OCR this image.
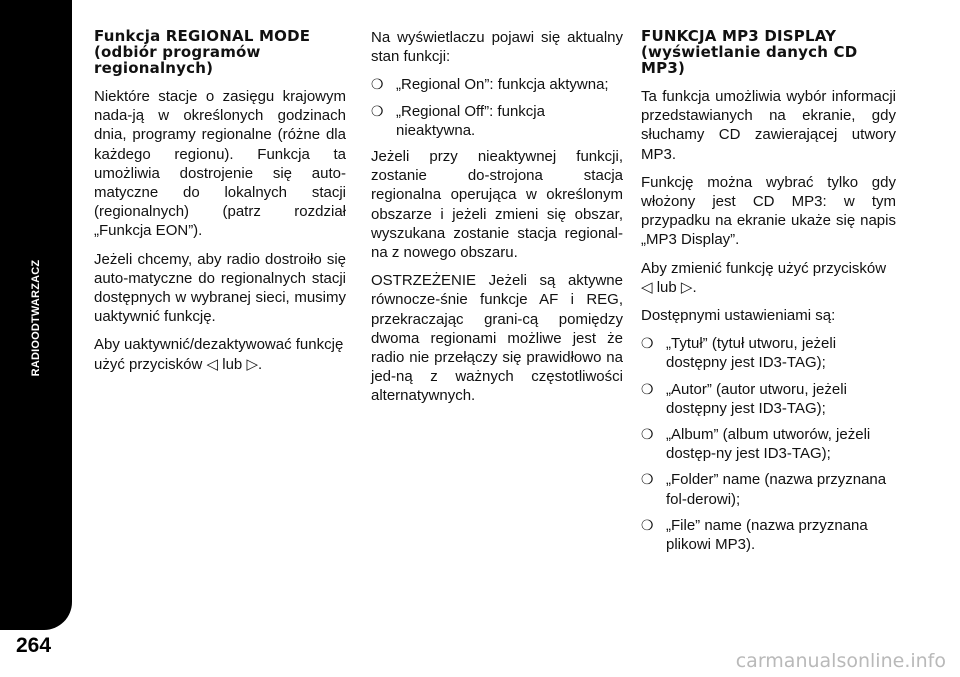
RADIOODTWARZACZ
264
Funkcja REGIONAL MODE (odbiór programów regionalnych)

Niektóre stacje o zasięgu krajowym nada-ją w określonych godzinach dnia, programy regionalne (różne dla każdego regionu). Funkcja ta umożliwia dostrojenie się auto-matyczne do lokalnych stacji (regionalnych) (patrz rozdział „Funkcja EON”).

Jeżeli chcemy, aby radio dostroiło się auto-matyczne do regionalnych stacji dostępnych w wybranej sieci, musimy uaktywnić funkcję.

Aby uaktywnić/dezaktywować funkcję użyć przycisków ◁ lub ▷.

Na wyświetlaczu pojawi się aktualny stan funkcji:

❍ „Regional On”: funkcja aktywna;
❍ „Regional Off”: funkcja nieaktywna.

Jeżeli przy nieaktywnej funkcji, zostanie do-strojona stacja regionalna operująca w określonym obszarze i jeżeli zmieni się obszar, wyszukana zostanie stacja regional-na z nowego obszaru.

OSTRZEŻENIE Jeżeli są aktywne równocze-śnie funkcje AF i REG, przekraczając grani-cą pomiędzy dwoma regionami możliwe jest że radio nie przełączy się prawidłowo na jed-ną z ważnych częstotliwości alternatywnych.

FUNKCJA MP3 DISPLAY (wyświetlanie danych CD MP3)

Ta funkcja umożliwia wybór informacji przedstawianych na ekranie, gdy słuchamy CD zawierającej utwory MP3.

Funkcję można wybrać tylko gdy włożony jest CD MP3: w tym przypadku na ekranie ukaże się napis „MP3 Display”.

Aby zmienić funkcję użyć przycisków ◁ lub ▷.

Dostępnymi ustawieniami są:

❍ „Tytuł” (tytuł utworu, jeżeli dostępny jest ID3-TAG);
❍ „Autor” (autor utworu, jeżeli dostępny jest ID3-TAG);
❍ „Album” (album utworów, jeżeli dostęp-ny jest ID3-TAG);
❍ „Folder” name (nazwa przyznana fol-derowi);
❍ „File” name (nazwa przyznana plikowi MP3).
carmanualsonline.info
